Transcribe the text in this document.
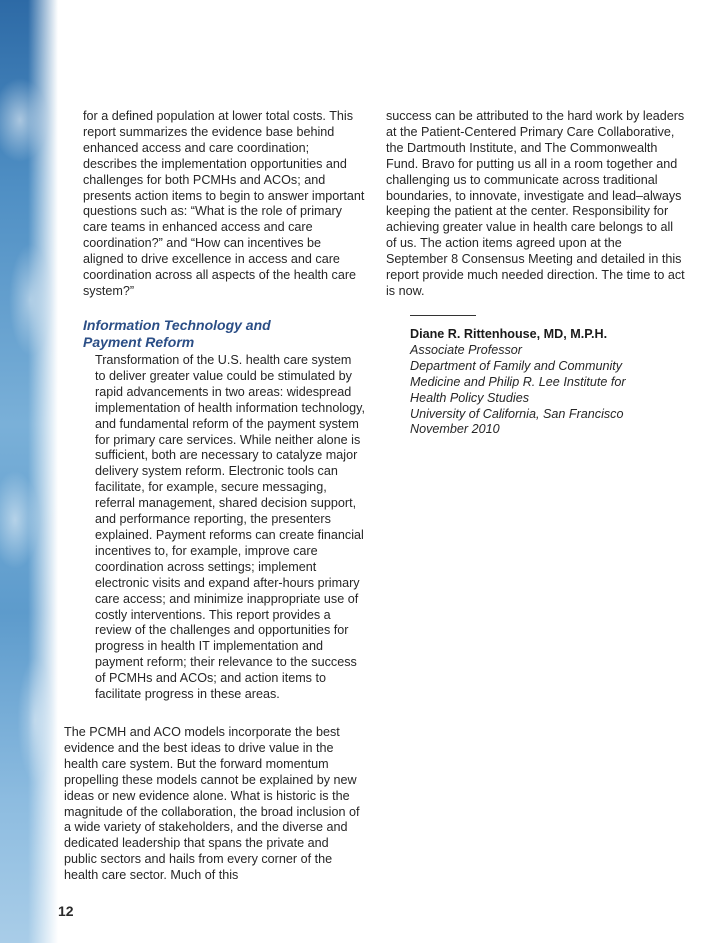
for a defined population at lower total costs. This report summarizes the evidence base behind enhanced access and care coordination; describes the implementation opportunities and challenges for both PCMHs and ACOs; and presents action items to begin to answer important questions such as: “What is the role of primary care teams in enhanced access and care coordination?” and “How can incentives be aligned to drive excellence in access and care coordination across all aspects of the health care system?”

Information Technology and
Payment Reform

Transformation of the U.S. health care system to deliver greater value could be stimulated by rapid advancements in two areas: widespread implementation of health information technology, and fundamental reform of the payment system for primary care services. While neither alone is sufficient, both are necessary to catalyze major delivery system reform. Electronic tools can facilitate, for example, secure messaging, referral management, shared decision support, and performance reporting, the presenters explained. Payment reforms can create financial incentives to, for example, improve care coordination across settings; implement electronic visits and expand after-hours primary care access; and minimize inappropriate use of costly interventions. This report provides a review of the challenges and opportunities for progress in health IT implementation and payment reform; their relevance to the success of PCMHs and ACOs; and action items to facilitate progress in these areas.

The PCMH and ACO models incorporate the best evidence and the best ideas to drive value in the health care system. But the forward momentum propelling these models cannot be explained by new ideas or new evidence alone. What is historic is the magnitude of the collaboration, the broad inclusion of a wide variety of stakeholders, and the diverse and dedicated leadership that spans the private and public sectors and hails from every corner of the health care sector. Much of this

success can be attributed to the hard work by leaders at the Patient-Centered Primary Care Collaborative, the Dartmouth Institute, and The Commonwealth Fund. Bravo for putting us all in a room together and challenging us to communicate across traditional boundaries, to innovate, investigate and lead–always keeping the patient at the center. Responsibility for achieving greater value in health care belongs to all of us. The action items agreed upon at the September 8 Consensus Meeting and detailed in this report provide much needed direction. The time to act is now.

Diane R. Rittenhouse, MD, M.P.H.
Associate Professor
Department of Family and Community
Medicine and Philip R. Lee Institute for
Health Policy Studies
University of California, San Francisco
November 2010
12
